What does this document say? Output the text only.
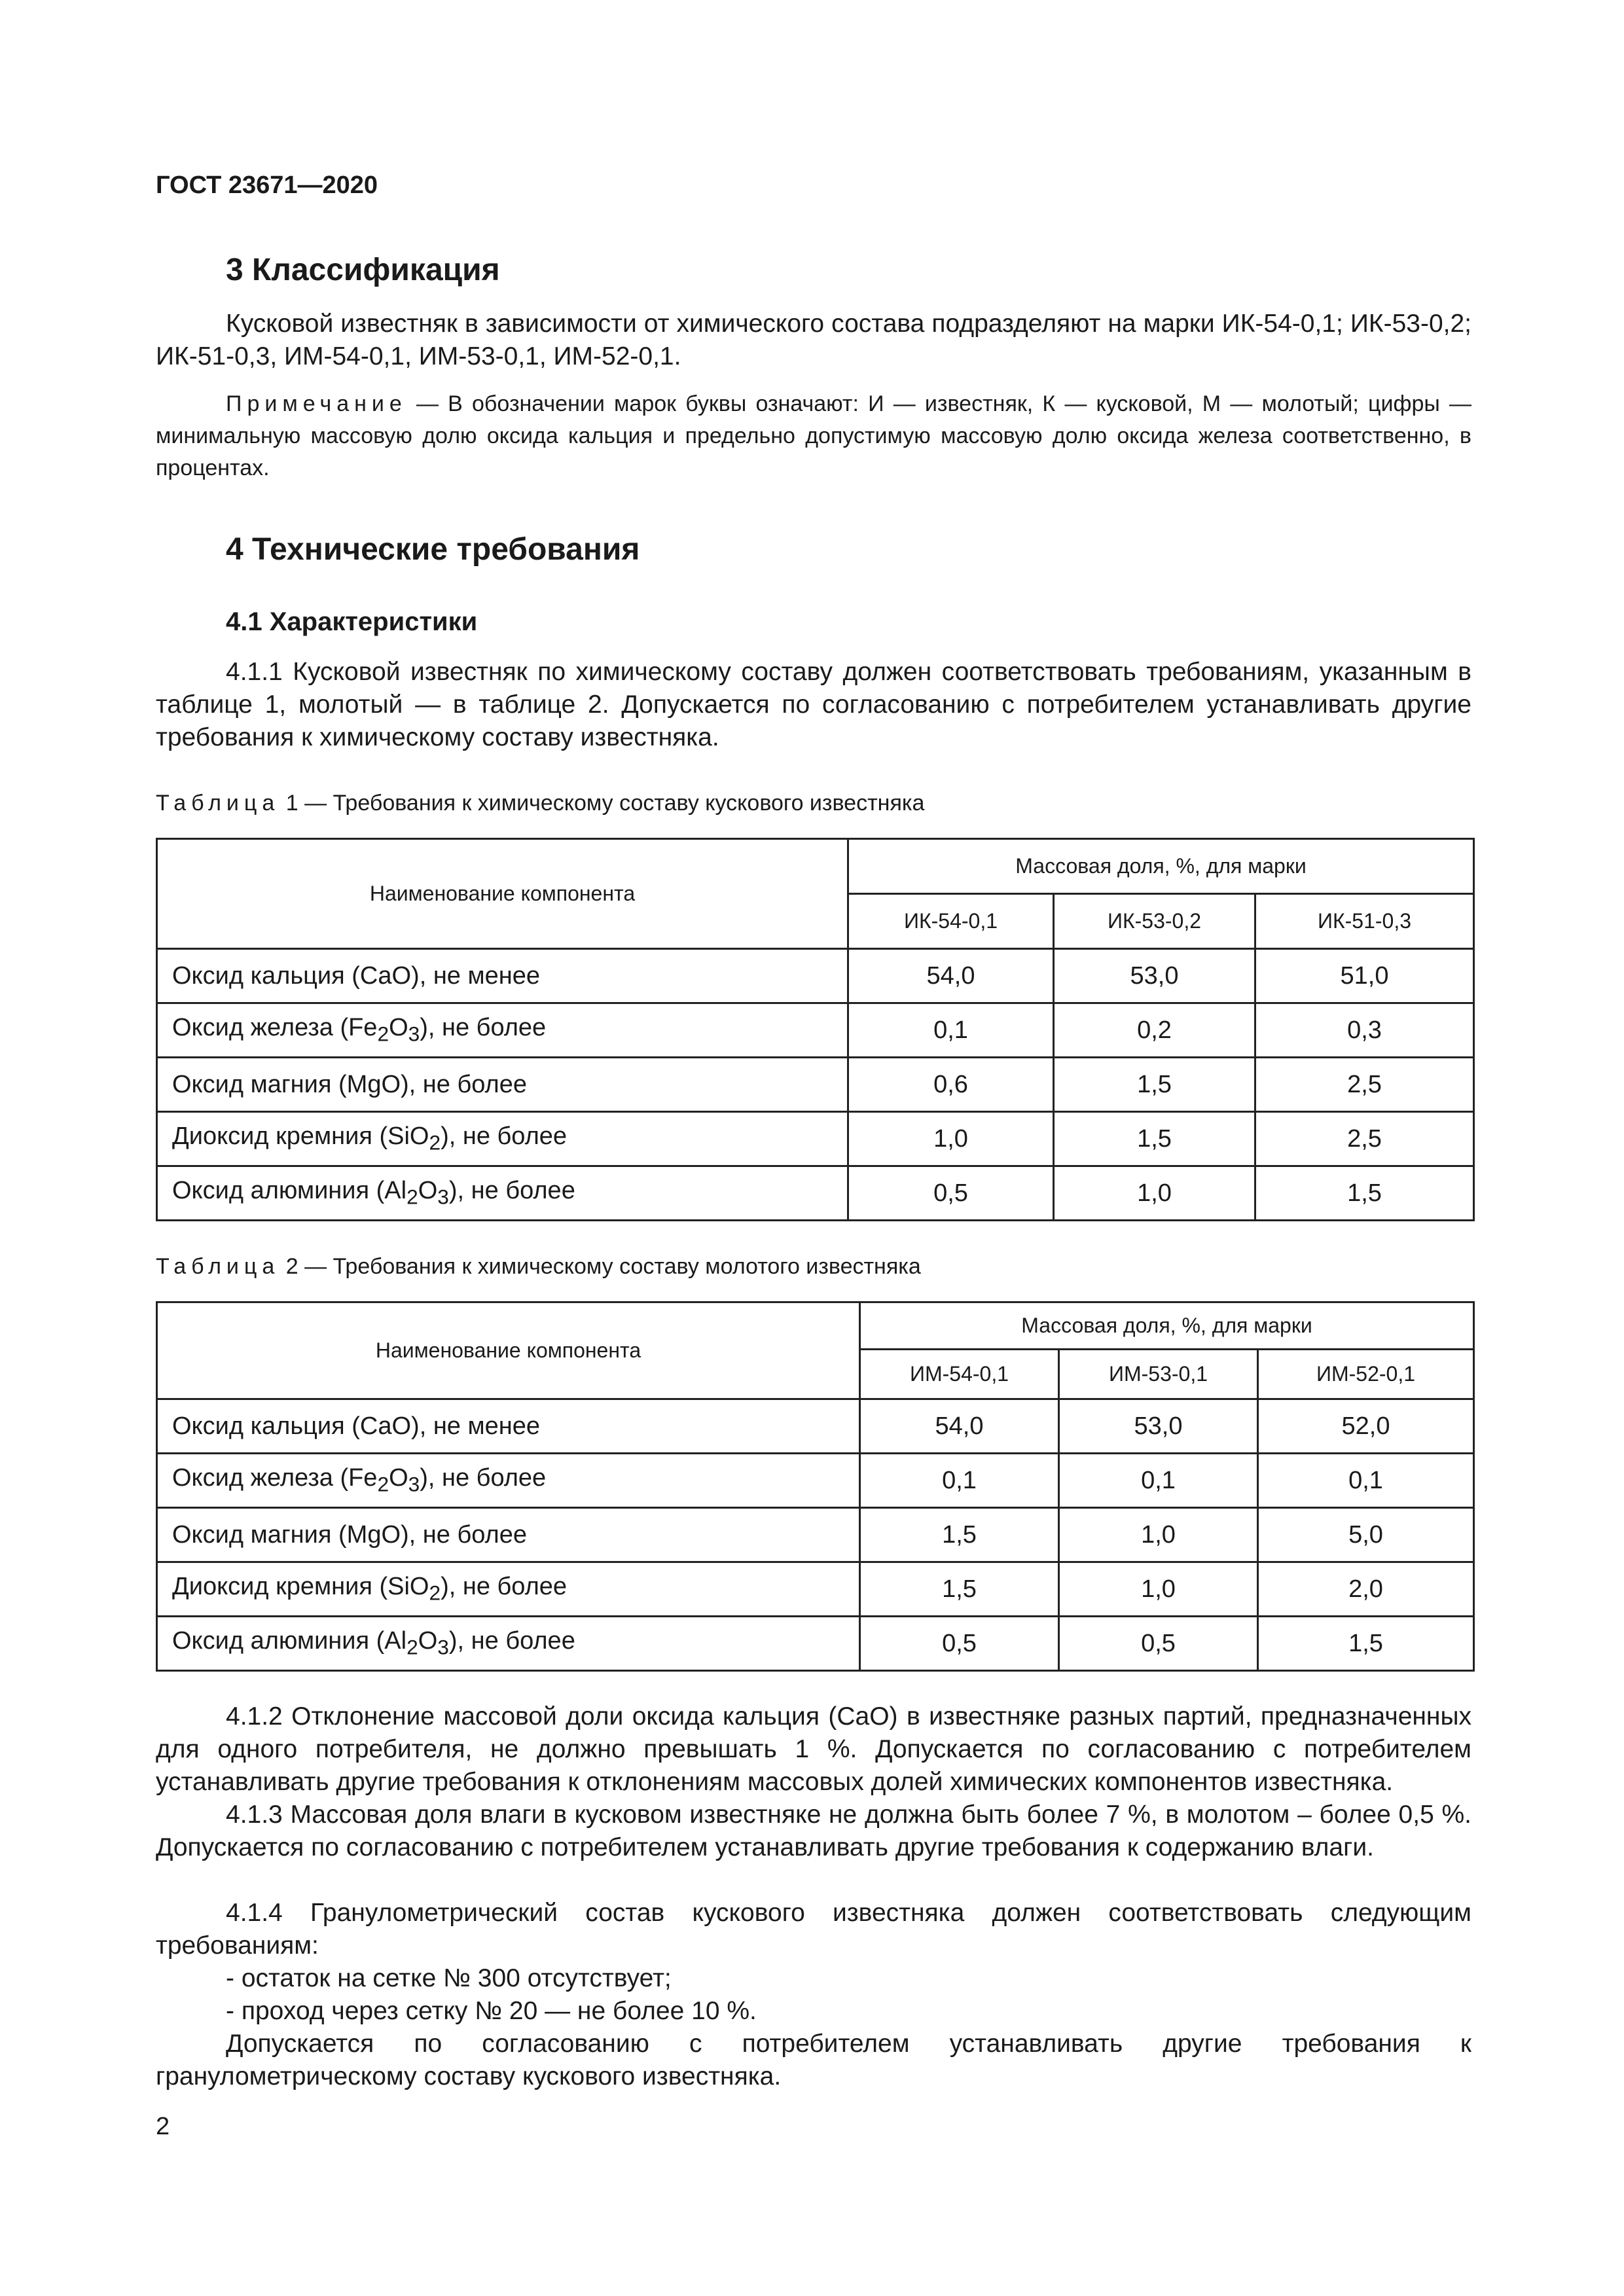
ГОСТ 23671—2020
3 Классификация

Кусковой известняк в зависимости от химического состава подразделяют на марки ИК-54-0,1; ИК-53-0,2; ИК-51-0,3, ИМ-54-0,1, ИМ-53-0,1, ИМ-52-0,1.

Примечание — В обозначении марок буквы означают: И — известняк, К — кусковой, М — молотый; цифры — минимальную массовую долю оксида кальция и предельно допустимую массовую долю оксида железа соответственно, в процентах.

4 Технические требования
4.1 Характеристики

4.1.1 Кусковой известняк по химическому составу должен соответствовать требованиям, указанным в таблице 1, молотый — в таблице 2. Допускается по согласованию с потребителем устанавливать другие требования к химическому составу известняка.

Таблица 1 — Требования к химическому составу кускового известняка
Наименование компонента	Массовая доля, %, для марки		
	ИК-54-0,1	ИК-53-0,2	ИК-51-0,3
Оксид кальция (CaO), не менее	54,0	53,0	51,0
Оксид железа $(Fe_2O_3)$, не более	0,1	0,2	0,3
Оксид магния (MgO), не более	0,6	1,5	2,5
Диоксид кремния (SiO$_2$), не более	1,0	1,5	2,5
Оксид алюминия $(Al_2O_3)$, не более	0,5	1,0	1,5
Таблица 2 — Требования к химическому составу молотого известняка
Наименование компонента	Массовая доля, %, для марки		
	ИМ-54-0,1	ИМ-53-0,1	ИМ-52-0,1
Оксид кальция (CaO), не менее	54,0	53,0	52,0
Оксид железа $(Fe_2O_3)$, не более	0,1	0,1	0,1
Оксид магния (MgO), не более	1,5	1,0	5,0
Диоксид кремния (SiO$_2$), не более	1,5	1,0	2,0
Оксид алюминия $(Al_2O_3)$, не более	0,5	0,5	1,5

4.1.2 Отклонение массовой доли оксида кальция (CaO) в известняке разных партий, предназначенных для одного потребителя, не должно превышать 1 %. Допускается по согласованию с потребителем устанавливать другие требования к отклонениям массовых долей химических компонентов известняка.

4.1.3 Массовая доля влаги в кусковом известняке не должна быть более 7 %, в молотом – более 0,5 %. Допускается по согласованию с потребителем устанавливать другие требования к содержанию влаги.

4.1.4 Гранулометрический состав кускового известняка должен соответствовать следующим требованиям:

- остаток на сетке № 300 отсутствует;
- проход через сетку № 20 — не более 10 %.

Допускается по согласованию с потребителем устанавливать другие требования к гранулометрическому составу кускового известняка.

2
